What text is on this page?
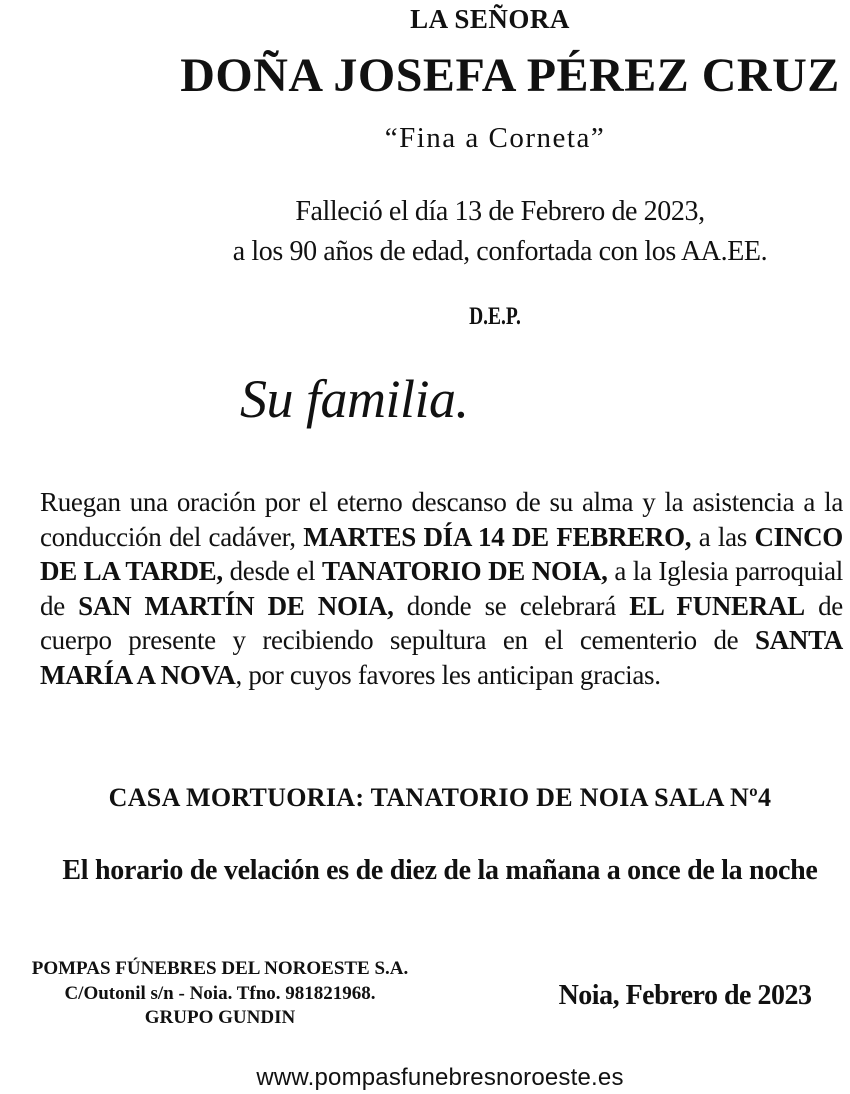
LA SEÑORA
DOÑA JOSEFA PÉREZ CRUZ
“Fina a Corneta”
Falleció el día 13 de Febrero de 2023,
a los 90 años de edad, confortada con los AA.EE.
D.E.P.
Su familia.
Ruegan una oración por el eterno descanso de su alma y la asistencia a la conducción del cadáver, MARTES DÍA 14 DE FEBRERO, a las CINCO DE LA TARDE, desde el TANATORIO DE NOIA, a la Iglesia parroquial de SAN MARTÍN DE NOIA, donde se celebrará EL FUNERAL de cuerpo presente y recibiendo sepultura en el cementerio de SANTA MARÍA A NOVA, por cuyos favores les anticipan gracias.
CASA MORTUORIA: TANATORIO DE NOIA SALA Nº4
El horario de velación es de diez de la mañana a once de la noche
POMPAS FÚNEBRES DEL NOROESTE S.A.
C/Outonil s/n - Noia. Tfno. 981821968.
GRUPO GUNDIN
Noia, Febrero de 2023
www.pompasfunebresnoroeste.es
